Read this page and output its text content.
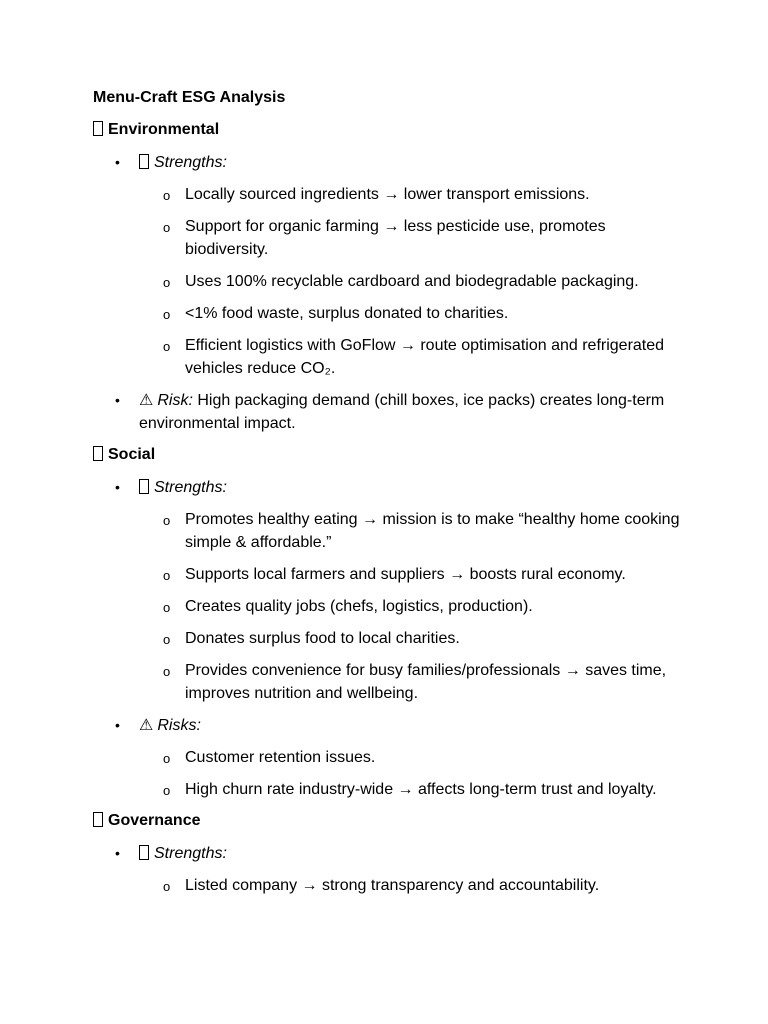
Menu-Craft ESG Analysis
Environmental
• Strengths:
o Locally sourced ingredients → lower transport emissions.
o Support for organic farming → less pesticide use, promotes biodiversity.
o Uses 100% recyclable cardboard and biodegradable packaging.
o <1% food waste, surplus donated to charities.
o Efficient logistics with GoFlow → route optimisation and refrigerated vehicles reduce CO₂.
• ⚠ Risk: High packaging demand (chill boxes, ice packs) creates long-term environmental impact.
Social
• Strengths:
o Promotes healthy eating → mission is to make “healthy home cooking simple & affordable.”
o Supports local farmers and suppliers → boosts rural economy.
o Creates quality jobs (chefs, logistics, production).
o Donates surplus food to local charities.
o Provides convenience for busy families/professionals → saves time, improves nutrition and wellbeing.
• ⚠ Risks:
o Customer retention issues.
o High churn rate industry-wide → affects long-term trust and loyalty.
Governance
• Strengths:
o Listed company → strong transparency and accountability.
